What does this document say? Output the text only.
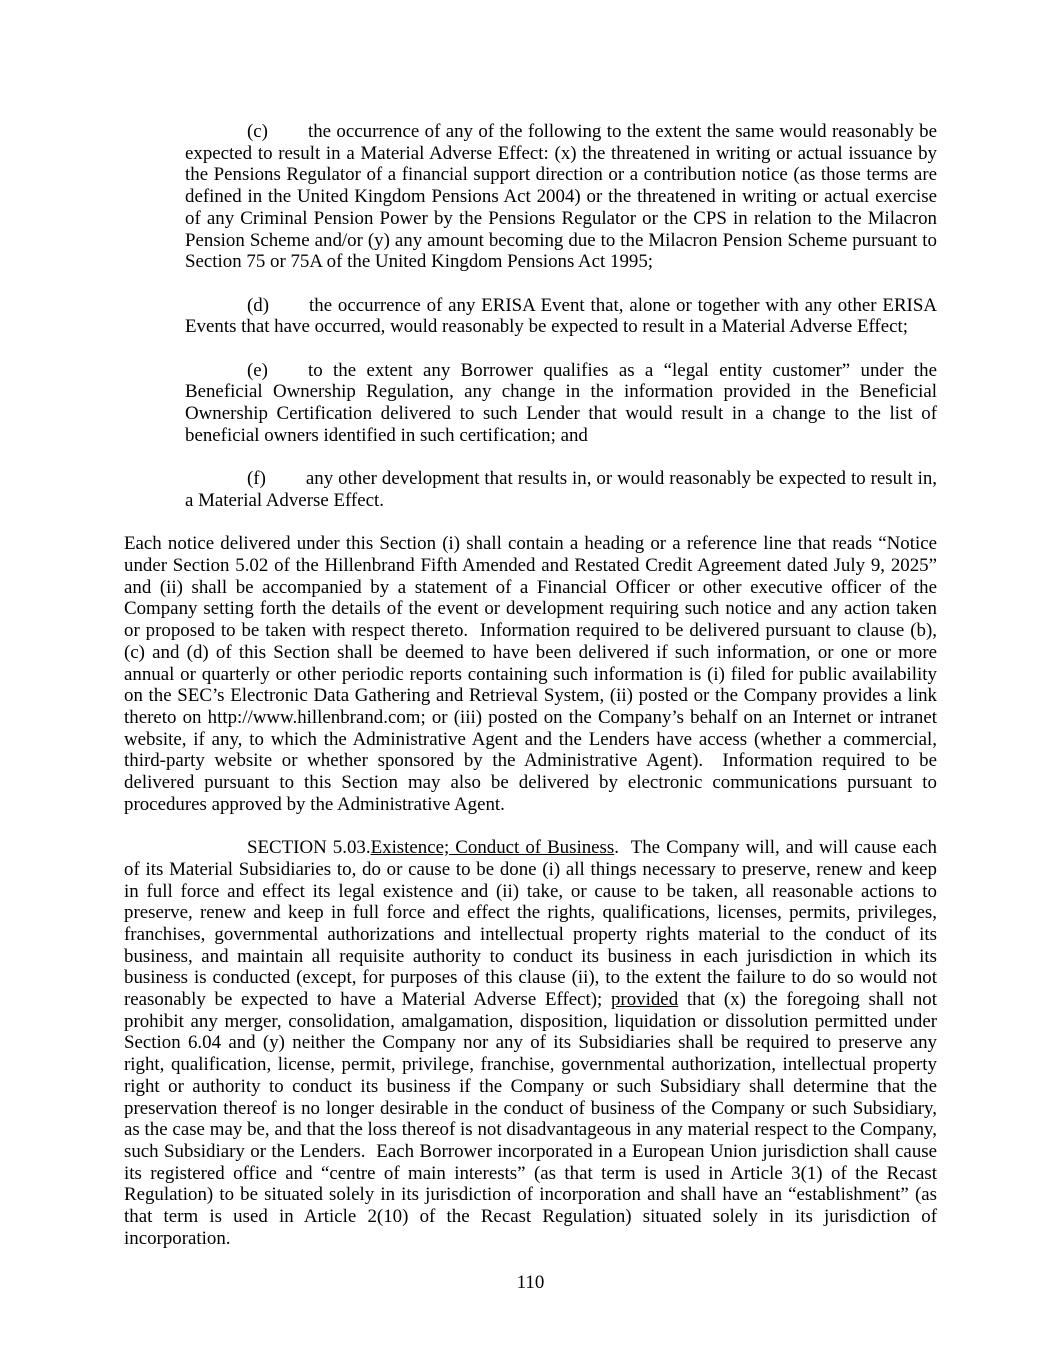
(c) the occurrence of any of the following to the extent the same would reasonably be expected to result in a Material Adverse Effect: (x) the threatened in writing or actual issuance by the Pensions Regulator of a financial support direction or a contribution notice (as those terms are defined in the United Kingdom Pensions Act 2004) or the threatened in writing or actual exercise of any Criminal Pension Power by the Pensions Regulator or the CPS in relation to the Milacron Pension Scheme and/or (y) any amount becoming due to the Milacron Pension Scheme pursuant to Section 75 or 75A of the United Kingdom Pensions Act 1995;

(d) the occurrence of any ERISA Event that, alone or together with any other ERISA Events that have occurred, would reasonably be expected to result in a Material Adverse Effect;

(e) to the extent any Borrower qualifies as a “legal entity customer” under the Beneficial Ownership Regulation, any change in the information provided in the Beneficial Ownership Certification delivered to such Lender that would result in a change to the list of beneficial owners identified in such certification; and

(f) any other development that results in, or would reasonably be expected to result in, a Material Adverse Effect.

Each notice delivered under this Section (i) shall contain a heading or a reference line that reads “Notice under Section 5.02 of the Hillenbrand Fifth Amended and Restated Credit Agreement dated July 9, 2025” and (ii) shall be accompanied by a statement of a Financial Officer or other executive officer of the Company setting forth the details of the event or development requiring such notice and any action taken or proposed to be taken with respect thereto.  Information required to be delivered pursuant to clause (b), (c) and (d) of this Section shall be deemed to have been delivered if such information, or one or more annual or quarterly or other periodic reports containing such information is (i) filed for public availability on the SEC’s Electronic Data Gathering and Retrieval System, (ii) posted or the Company provides a link thereto on http://www.hillenbrand.com; or (iii) posted on the Company’s behalf on an Internet or intranet website, if any, to which the Administrative Agent and the Lenders have access (whether a commercial, third-party website or whether sponsored by the Administrative Agent).  Information required to be delivered pursuant to this Section may also be delivered by electronic communications pursuant to procedures approved by the Administrative Agent.

SECTION 5.03.Existence; Conduct of Business.  The Company will, and will cause each of its Material Subsidiaries to, do or cause to be done (i) all things necessary to preserve, renew and keep in full force and effect its legal existence and (ii) take, or cause to be taken, all reasonable actions to preserve, renew and keep in full force and effect the rights, qualifications, licenses, permits, privileges, franchises, governmental authorizations and intellectual property rights material to the conduct of its business, and maintain all requisite authority to conduct its business in each jurisdiction in which its business is conducted (except, for purposes of this clause (ii), to the extent the failure to do so would not reasonably be expected to have a Material Adverse Effect); provided that (x) the foregoing shall not prohibit any merger, consolidation, amalgamation, disposition, liquidation or dissolution permitted under Section 6.04 and (y) neither the Company nor any of its Subsidiaries shall be required to preserve any right, qualification, license, permit, privilege, franchise, governmental authorization, intellectual property right or authority to conduct its business if the Company or such Subsidiary shall determine that the preservation thereof is no longer desirable in the conduct of business of the Company or such Subsidiary, as the case may be, and that the loss thereof is not disadvantageous in any material respect to the Company, such Subsidiary or the Lenders.  Each Borrower incorporated in a European Union jurisdiction shall cause its registered office and “centre of main interests” (as that term is used in Article 3(1) of the Recast Regulation) to be situated solely in its jurisdiction of incorporation and shall have an “establishment” (as that term is used in Article 2(10) of the Recast Regulation) situated solely in its jurisdiction of incorporation.

110
